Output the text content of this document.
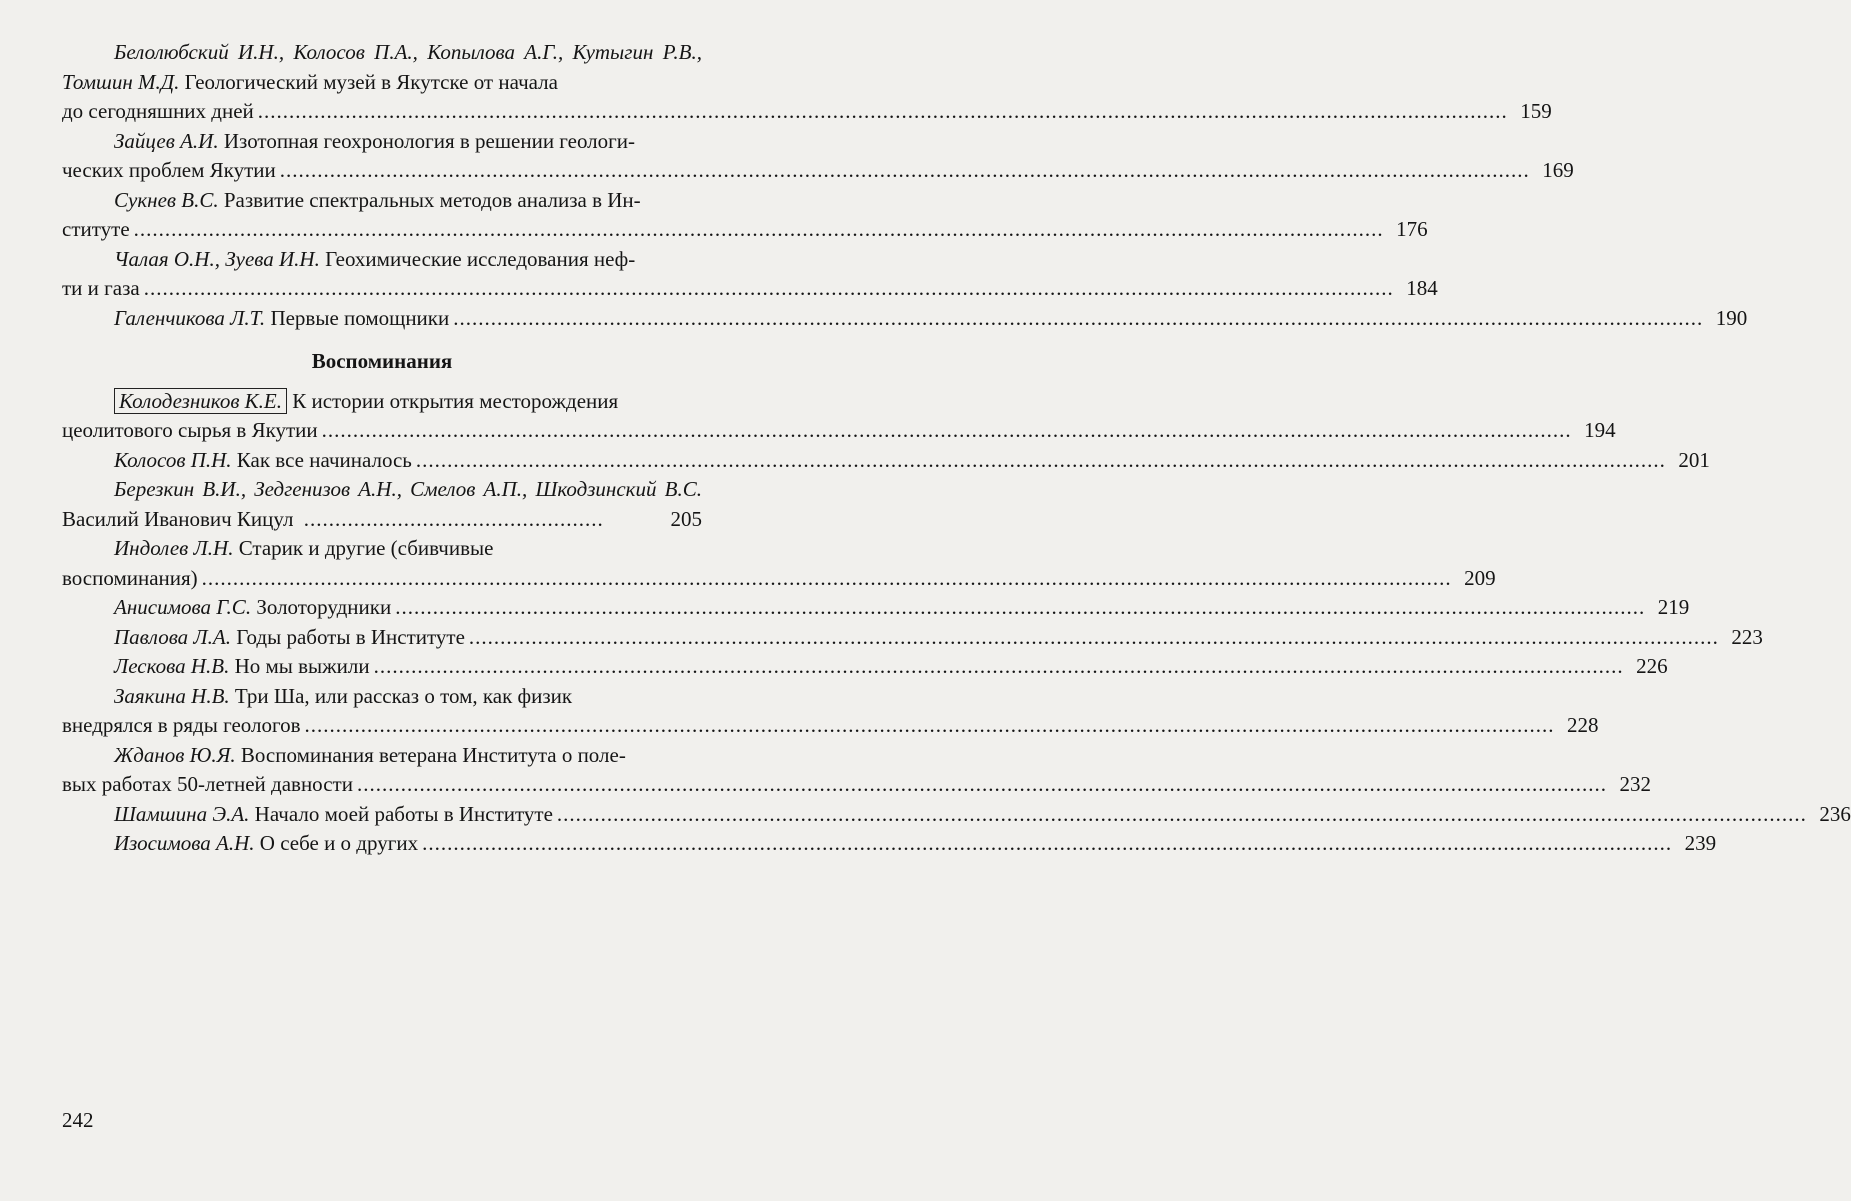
Белолюбский И.Н., Колосов П.А., Копылова А.Г., Кутыгин Р.В., Томшин М.Д. Геологический музей в Якутске от начала
до сегодняшних дней ........................................................................................................................................................................................................ 159
Зайцев А.И. Изотопная геохронология в решении геологи-
ческих проблем Якутии ........................................................................................................................................................................................................ 169
Сукнев В.С. Развитие спектральных методов анализа в Ин-
ституте ........................................................................................................................................................................................................ 176
Чалая О.Н., Зуева И.Н. Геохимические исследования неф-
ти и газа ........................................................................................................................................................................................................ 184
Галенчикова Л.Т. Первые помощники ........................................................................................................................................................................................................ 190
Воспоминания
Колодезников К.Е. К истории открытия месторождения
цеолитового сырья в Якутии ........................................................................................................................................................................................................ 194
Колосов П.Н. Как все начиналось ........................................................................................................................................................................................................ 201
Березкин В.И., Зедгенизов А.Н., Смелов А.П., Шкодзинский В.С. Василий Иванович Кицул ................................................	205
Индолев Л.Н. Старик и другие (сбивчивые
воспоминания) ........................................................................................................................................................................................................ 209
Анисимова Г.С. Золоторудники ........................................................................................................................................................................................................ 219
Павлова Л.А. Годы работы в Институте ........................................................................................................................................................................................................ 223
Лескова Н.В. Но мы выжили ........................................................................................................................................................................................................ 226
Заякина Н.В. Три Ша, или рассказ о том, как физик
внедрялся в ряды геологов ........................................................................................................................................................................................................ 228
Жданов Ю.Я. Воспоминания ветерана Института о поле-
вых работах 50-летней давности ........................................................................................................................................................................................................ 232
Шамшина Э.А. Начало моей работы в Институте ........................................................................................................................................................................................................ 236
Изосимова А.Н. О себе и о других ........................................................................................................................................................................................................ 239
242
